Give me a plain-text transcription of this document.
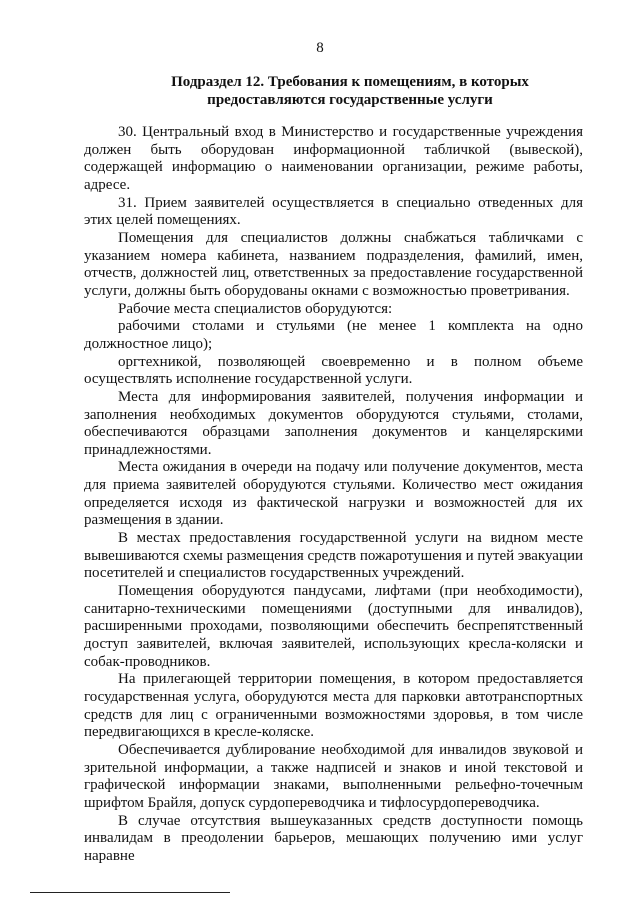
8
Подраздел 12. Требования к помещениям, в которых
предоставляются государственные услуги

30. Центральный вход в Министерство и государственные учреждения должен быть оборудован информационной табличкой (вывеской), содержащей информацию о наименовании организации, режиме работы, адресе.

31. Прием заявителей осуществляется в специально отведенных для этих целей помещениях.

Помещения для специалистов должны снабжаться табличками с указанием номера кабинета, названием подразделения, фамилий, имен, отчеств, должностей лиц, ответственных за предоставление государственной услуги, должны быть оборудованы окнами с возможностью проветривания.

Рабочие места специалистов оборудуются:

рабочими столами и стульями (не менее 1 комплекта на одно должностное лицо);

оргтехникой, позволяющей своевременно и в полном объеме осуществлять исполнение государственной услуги.

Места для информирования заявителей, получения информации и заполнения необходимых документов оборудуются стульями, столами, обеспечиваются образцами заполнения документов и канцелярскими принадлежностями.

Места ожидания в очереди на подачу или получение документов, места для приема заявителей оборудуются стульями. Количество мест ожидания определяется исходя из фактической нагрузки и возможностей для их размещения в здании.

В местах предоставления государственной услуги на видном месте вывешиваются схемы размещения средств пожаротушения и путей эвакуации посетителей и специалистов государственных учреждений.

Помещения оборудуются пандусами, лифтами (при необходимости), санитарно-техническими помещениями (доступными для инвалидов), расширенными проходами, позволяющими обеспечить беспрепятственный доступ заявителей, включая заявителей, использующих кресла-коляски и собак-проводников.

На прилегающей территории помещения, в котором предоставляется государственная услуга, оборудуются места для парковки автотранспортных средств для лиц с ограниченными возможностями здоровья, в том числе передвигающихся в кресле-коляске.

Обеспечивается дублирование необходимой для инвалидов звуковой и зрительной информации, а также надписей и знаков и иной текстовой и графической информации знаками, выполненными рельефно-точечным шрифтом Брайля, допуск сурдопереводчика и тифлосурдопереводчика.

В случае отсутствия вышеуказанных средств доступности помощь инвалидам в преодолении барьеров, мешающих получению ими услуг наравне
